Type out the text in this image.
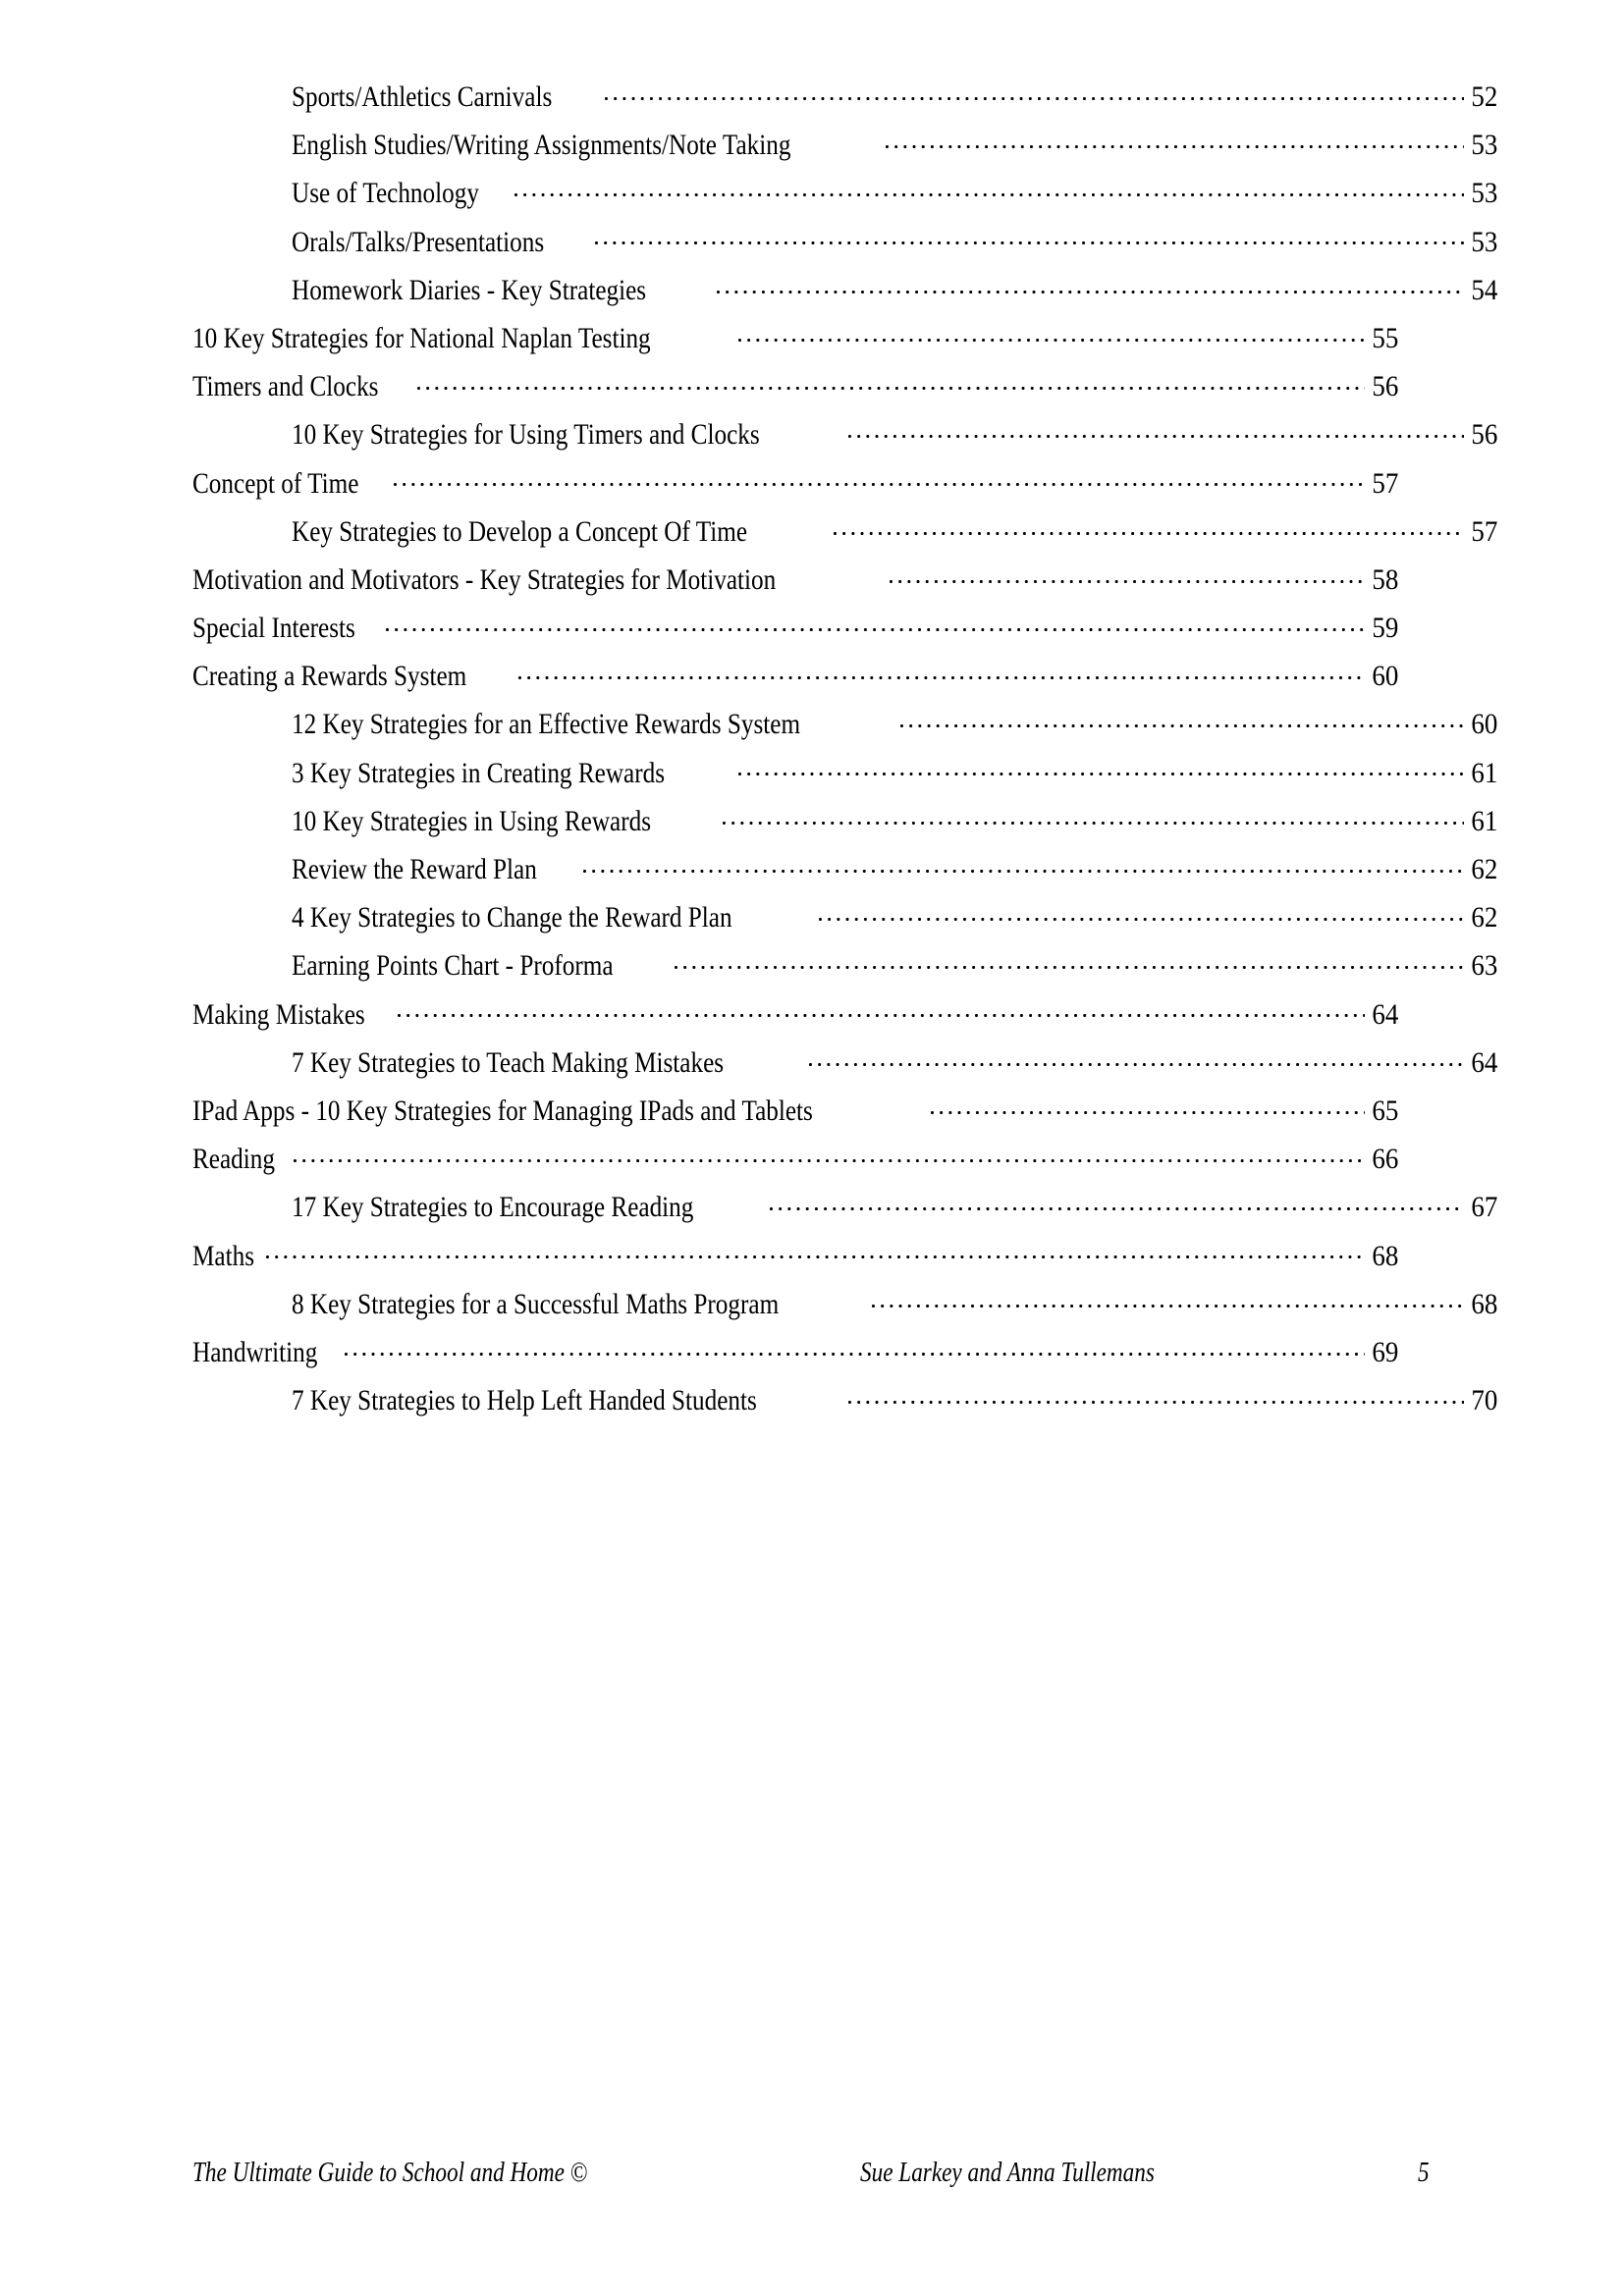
Sports/Athletics Carnivals	52
English Studies/Writing Assignments/Note Taking	53
Use of Technology	53
Orals/Talks/Presentations	53
Homework Diaries - Key Strategies	54
10 Key Strategies for National Naplan Testing	55
Timers and Clocks	56
10 Key Strategies for Using Timers and Clocks	56
Concept of Time	57
Key Strategies to Develop a Concept Of Time	57
Motivation and Motivators - Key Strategies for Motivation	58
Special Interests	59
Creating a Rewards System	60
12 Key Strategies for an Effective Rewards System	60
3 Key Strategies in Creating Rewards	61
10 Key Strategies in Using Rewards	61
Review the Reward Plan	62
4 Key Strategies to Change the Reward Plan	62
Earning Points Chart - Proforma	63
Making Mistakes	64
7 Key Strategies to Teach Making Mistakes	64
IPad Apps - 10 Key Strategies for Managing IPads and Tablets	65
Reading	66
17 Key Strategies to Encourage Reading	67
Maths	68
8 Key Strategies for a Successful Maths Program	68
Handwriting	69
7 Key Strategies to Help Left Handed Students	70
The Ultimate Guide to School and Home ©	Sue Larkey and Anna Tullemans	5
